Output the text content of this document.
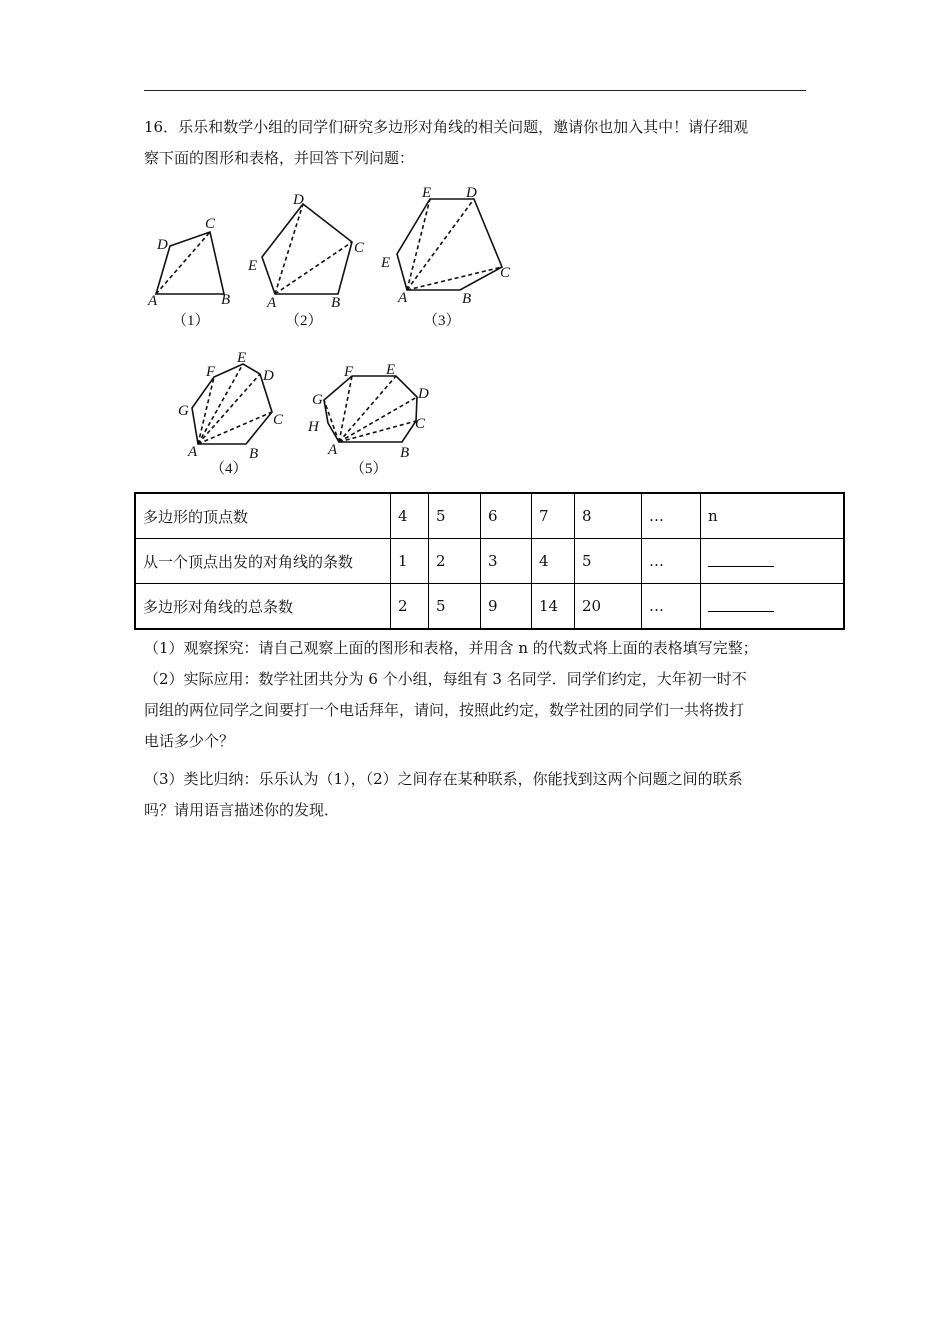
16．乐乐和数学小组的同学们研究多边形对角线的相关问题，邀请你也加入其中！请仔细观
察下面的图形和表格，并回答下列问题：
A	B
C
D
A	B
C
D
E
A	B
C
D
E
E
A	B
C
D
E
F
G
A	B
C
D
E
F
G
H
（1）	（2）	（3）
（4）	（5）
多边形的顶点数	4	5	6	7	8	…	n
从一个顶点出发的对角线的条数	1	2	3	4	5	…	
多边形对角线的总条数	2	5	9	14	20	…	
（1）观察探究：请自己观察上面的图形和表格，并用含 n 的代数式将上面的表格填写完整；
（2）实际应用：数学社团共分为 6 个小组，每组有 3 名同学．同学们约定，大年初一时不
同组的两位同学之间要打一个电话拜年，请问，按照此约定，数学社团的同学们一共将拨打
电话多少个？
（3）类比归纳：乐乐认为（1），（2）之间存在某种联系，你能找到这两个问题之间的联系
吗？请用语言描述你的发现．
